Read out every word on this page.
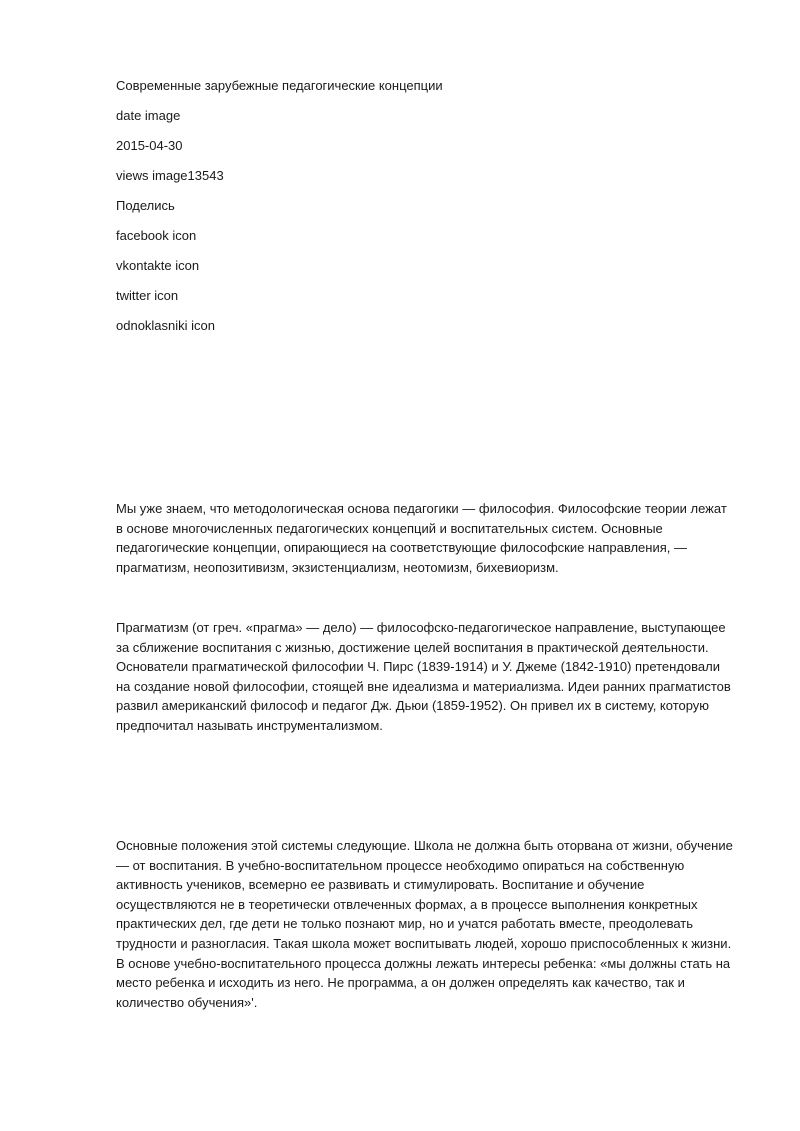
Современные зарубежные педагогические концепции
date image
2015-04-30
views image13543
Поделись
facebook icon
vkontakte icon
twitter icon
odnoklasniki icon

Мы уже знаем, что методологическая основа педагогики — философия. Философские теории лежат в основе многочисленных педагогических концепций и воспитательных систем. Основные педагогические концепции, опирающиеся на соответствующие философские направления, — прагматизм, неопозитивизм, экзистенциализм, неотомизм, бихевиоризм.

Прагматизм (от греч. «прагма» — дело) — философско-педагогическое направление, выступающее за сближение воспитания с жизнью, достижение целей воспитания в практической деятельности. Основатели прагматической философии Ч. Пирс (1839-1914) и У. Джеме (1842-1910) претендовали на создание новой философии, стоящей вне идеализма и материализма. Идеи ранних прагматистов развил американский философ и педагог Дж. Дьюи (1859-1952). Он привел их в систему, которую предпочитал называть инструментализмом.

Основные положения этой системы следующие. Школа не должна быть оторвана от жизни, обучение — от воспитания. В учебно-воспитательном процессе необходимо опираться на собственную активность учеников, всемерно ее развивать и стимулировать. Воспитание и обучение осуществляются не в теоретически отвлеченных формах, а в процессе выполнения конкретных практических дел, где дети не только познают мир, но и учатся работать вместе, преодолевать трудности и разногласия. Такая школа может воспитывать людей, хорошо приспособленных к жизни. В основе учебно-воспитательного процесса должны лежать интересы ребенка: «мы должны стать на место ребенка и исходить из него. Не программа, а он должен определять как качество, так и количество обучения»'.
